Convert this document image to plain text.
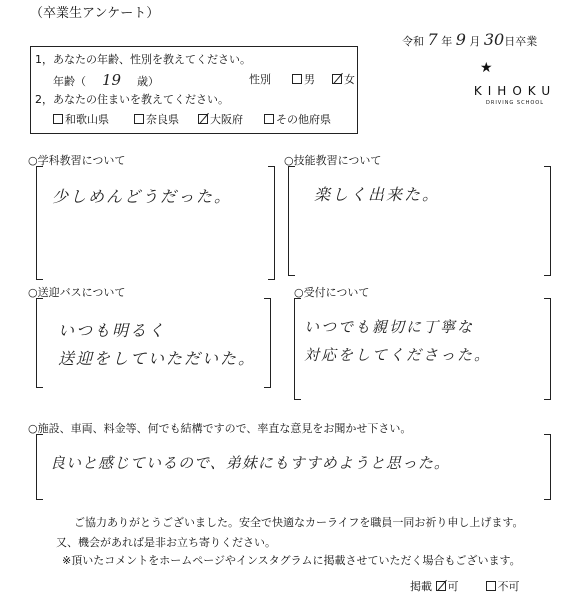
（卒業生アンケート）
令和 7 年 9 月 30日卒業
1，あなたの年齢、性別を教えてください。
年齢（ 19 歳）	性別	男	女
2，あなたの住まいを教えてください。
和歌山県	奈良県	大阪府	その他府県
★
KIHOKU
DRIVING SCHOOL
○学科教習について
少しめんどうだった。
○技能教習について
楽しく出来た。
○送迎バスについて
いつも明るく
送迎をしていただいた。
○受付について
いつでも親切に丁寧な
対応をしてくださった。
○施設、車両、料金等、何でも結構ですので、率直な意見をお聞かせ下さい。
良いと感じているので、弟妹にもすすめようと思った。
ご協力ありがとうございました。安全で快適なカーライフを職員一同お祈り申し上げます。
又、機会があれば是非お立ち寄りください。
※頂いたコメントをホームページやインスタグラムに掲載させていただく場合もございます。
掲載 可	不可
